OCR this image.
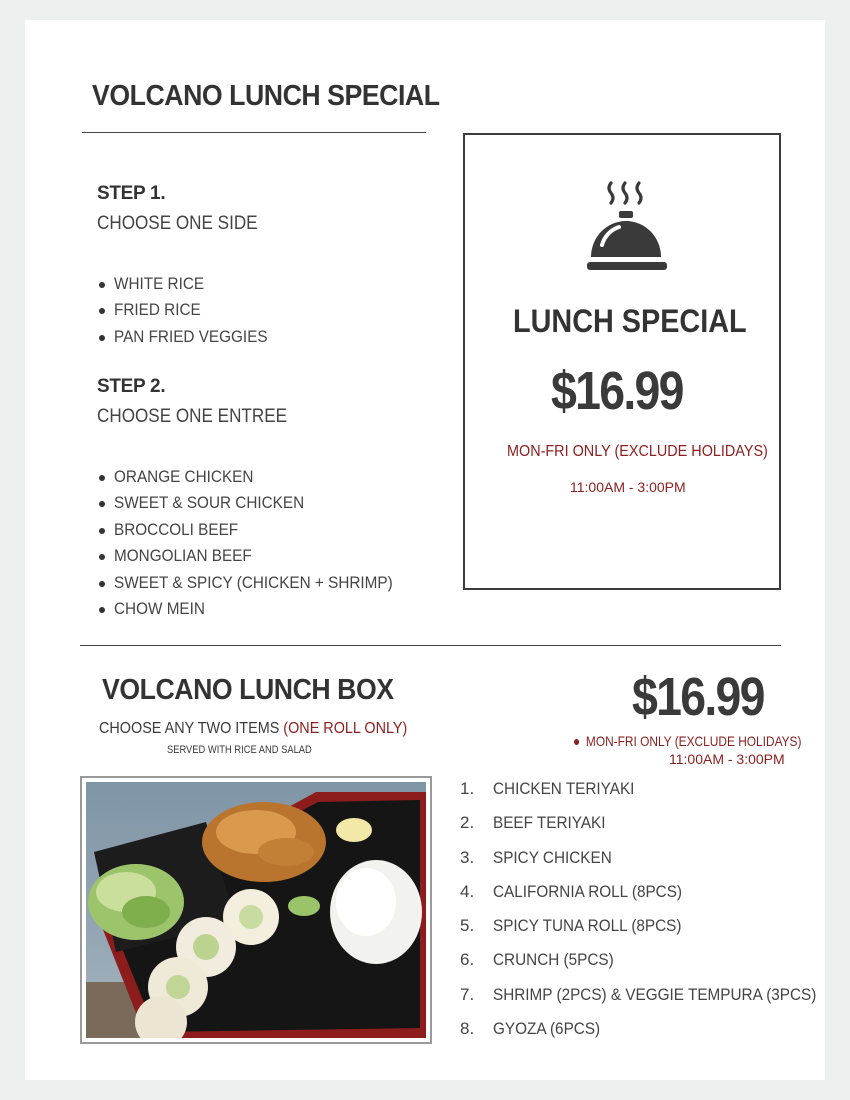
VOLCANO LUNCH SPECIAL
STEP 1.
CHOOSE ONE SIDE
WHITE RICE
FRIED RICE
PAN FRIED VEGGIES
STEP 2.
CHOOSE ONE ENTREE
ORANGE CHICKEN
SWEET & SOUR CHICKEN
BROCCOLI BEEF
MONGOLIAN BEEF
SWEET & SPICY (CHICKEN + SHRIMP)
CHOW MEIN
LUNCH SPECIAL
$16.99
MON-FRI ONLY (EXCLUDE HOLIDAYS)
11:00AM - 3:00PM
VOLCANO LUNCH BOX
CHOOSE ANY TWO ITEMS (ONE ROLL ONLY)
SERVED WITH RICE AND SALAD
$16.99
MON-FRI ONLY (EXCLUDE HOLIDAYS)
11:00AM - 3:00PM
1.	CHICKEN TERIYAKI
2.	BEEF TERIYAKI
3.	SPICY CHICKEN
4.	CALIFORNIA ROLL (8PCS)
5.	SPICY TUNA ROLL (8PCS)
6.	CRUNCH (5PCS)
7.	SHRIMP (2PCS) & VEGGIE TEMPURA (3PCS)
8.	GYOZA (6PCS)
